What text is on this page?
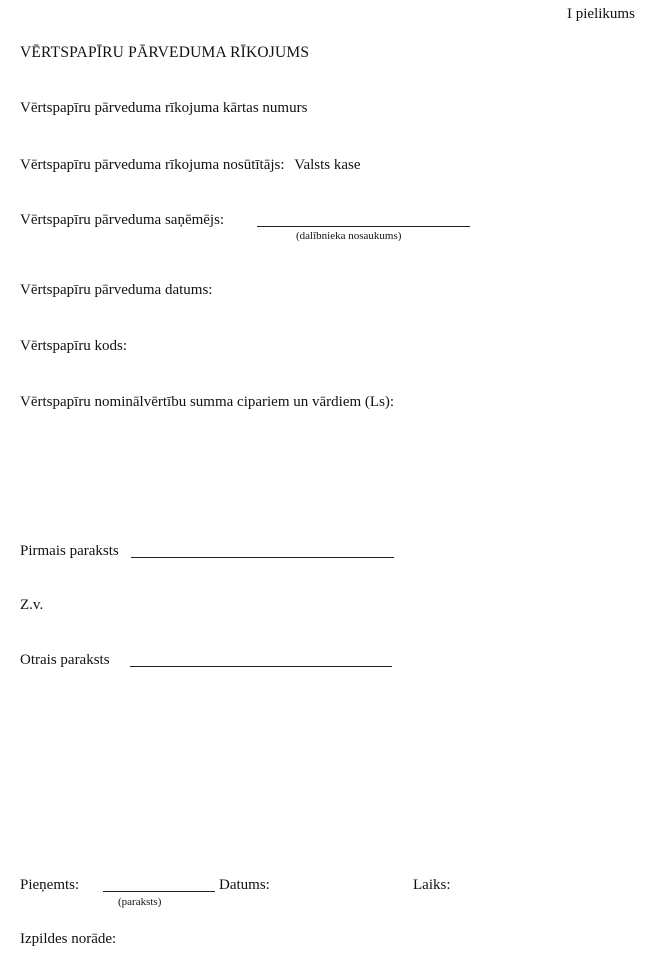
I pielikums
VĒRTSPAPĪRU PĀRVEDUMA RĪKOJUMS
Vērtspapīru pārveduma rīkojuma kārtas numurs
Vērtspapīru pārveduma rīkojuma nosūtītājs: Valsts kase
Vērtspapīru pārveduma saņēmējs:
(dalībnieka nosaukums)
Vērtspapīru pārveduma datums:
Vērtspapīru kods:
Vērtspapīru nominālvērtību summa cipariem un vārdiem (Ls):
Pirmais paraksts
Z.v.
Otrais paraksts
Pieņemts:
(paraksts)
Datums:	Laiks:
Izpildes norāde:
